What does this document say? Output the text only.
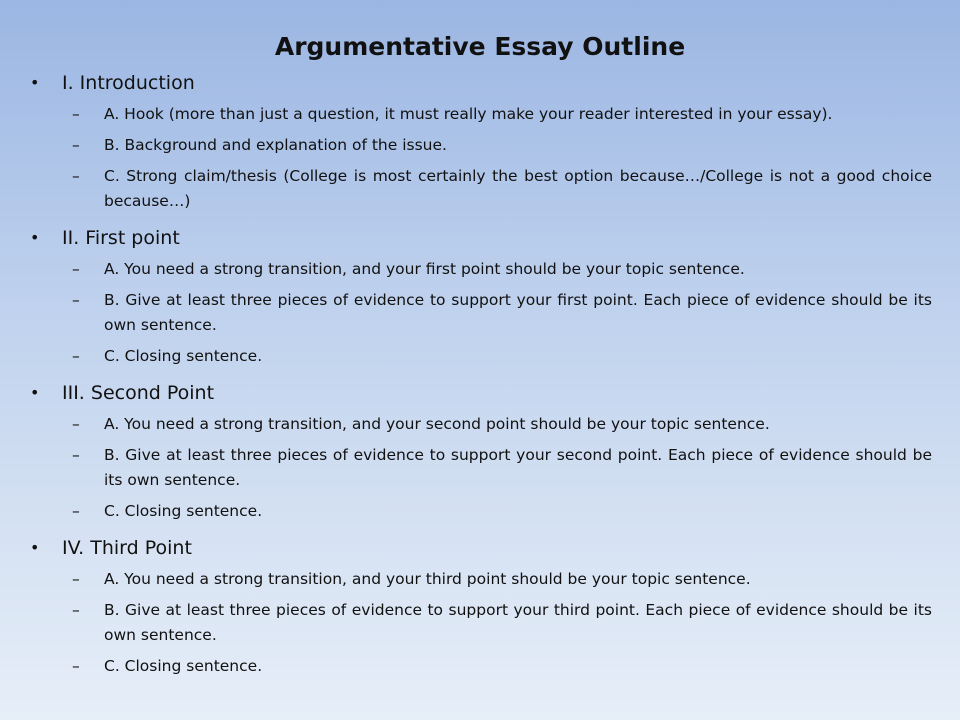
Argumentative Essay Outline
• I. Introduction
– A. Hook (more than just a question, it must really make your reader interested in your essay).
– B. Background and explanation of the issue.
– C. Strong claim/thesis (College is most certainly the best option because…/College is not a good choice because…)
• II. First point
– A. You need a strong transition, and your first point should be your topic sentence.
– B. Give at least three pieces of evidence to support your first point. Each piece of evidence should be its own sentence.
– C. Closing sentence.
• III. Second Point
– A. You need a strong transition, and your second point should be your topic sentence.
– B. Give at least three pieces of evidence to support your second point. Each piece of evidence should be its own sentence.
– C. Closing sentence.
• IV. Third Point
– A. You need a strong transition, and your third point should be your topic sentence.
– B. Give at least three pieces of evidence to support your third point. Each piece of evidence should be its own sentence.
– C. Closing sentence.
